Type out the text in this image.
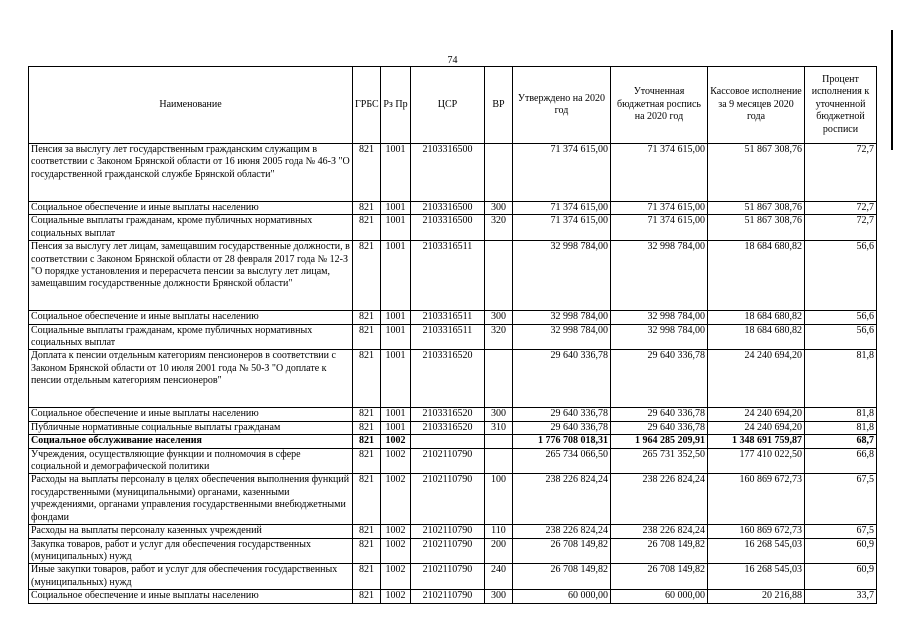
74
Наименование	ГРБС	Рз Пр	ЦСР	ВР	Утверждено на 2020 год	Уточненная бюджетная роспись на 2020 год	Кассовое исполнение за 9 месяцев 2020 года	Процент исполнения к уточненной бюджетной росписи
Пенсия за выслугу лет государственным гражданским служащим в соответствии с Законом Брянской области от 16 июня 2005 года № 46-З "О государственной гражданской службе Брянской области"	821	1001	2103316500		71 374 615,00	71 374 615,00	51 867 308,76	72,7
Социальное обеспечение и иные выплаты населению	821	1001	2103316500	300	71 374 615,00	71 374 615,00	51 867 308,76	72,7
Социальные выплаты гражданам, кроме публичных нормативных социальных выплат	821	1001	2103316500	320	71 374 615,00	71 374 615,00	51 867 308,76	72,7
Пенсия за выслугу лет лицам, замещавшим государственные должности, в соответствии с Законом Брянской области от 28 февраля 2017 года № 12-З "О порядке установления и перерасчета пенсии за выслугу лет лицам, замещавшим государственные должности Брянской области"	821	1001	2103316511		32 998 784,00	32 998 784,00	18 684 680,82	56,6
Социальное обеспечение и иные выплаты населению	821	1001	2103316511	300	32 998 784,00	32 998 784,00	18 684 680,82	56,6
Социальные выплаты гражданам, кроме публичных нормативных социальных выплат	821	1001	2103316511	320	32 998 784,00	32 998 784,00	18 684 680,82	56,6
Доплата к пенсии отдельным категориям пенсионеров в соответствии с Законом Брянской области от 10 июля 2001 года № 50-З "О доплате к пенсии отдельным категориям пенсионеров"	821	1001	2103316520		29 640 336,78	29 640 336,78	24 240 694,20	81,8
Социальное обеспечение и иные выплаты населению	821	1001	2103316520	300	29 640 336,78	29 640 336,78	24 240 694,20	81,8
Публичные нормативные социальные выплаты гражданам	821	1001	2103316520	310	29 640 336,78	29 640 336,78	24 240 694,20	81,8
Социальное обслуживание населения	821	1002			1 776 708 018,31	1 964 285 209,91	1 348 691 759,87	68,7
Учреждения, осуществляющие функции и полномочия в сфере социальной и демографической политики	821	1002	2102110790		265 734 066,50	265 731 352,50	177 410 022,50	66,8
Расходы на выплаты персоналу в целях обеспечения выполнения функций государственными (муниципальными) органами, казенными учреждениями, органами управления государственными внебюджетными фондами	821	1002	2102110790	100	238 226 824,24	238 226 824,24	160 869 672,73	67,5
Расходы на выплаты персоналу казенных учреждений	821	1002	2102110790	110	238 226 824,24	238 226 824,24	160 869 672,73	67,5
Закупка товаров, работ и услуг для обеспечения государственных (муниципальных) нужд	821	1002	2102110790	200	26 708 149,82	26 708 149,82	16 268 545,03	60,9
Иные закупки товаров, работ и услуг для обеспечения государственных (муниципальных) нужд	821	1002	2102110790	240	26 708 149,82	26 708 149,82	16 268 545,03	60,9
Социальное обеспечение и иные выплаты населению	821	1002	2102110790	300	60 000,00	60 000,00	20 216,88	33,7
